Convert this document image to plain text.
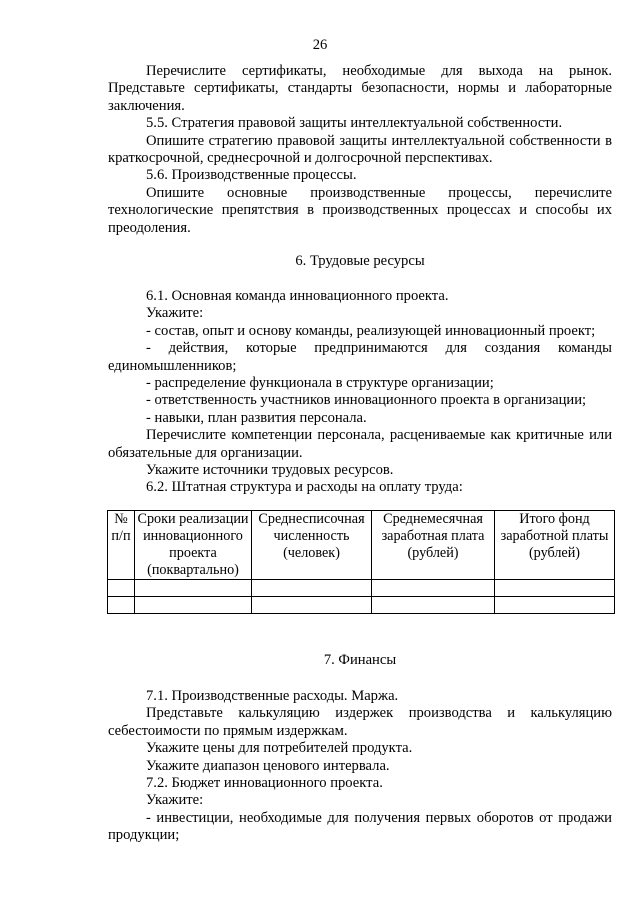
26

Перечислите сертификаты, необходимые для выхода на рынок. Представьте сертификаты, стандарты безопасности, нормы и лабораторные заключения.

5.5. Стратегия правовой защиты интеллектуальной собственности.

Опишите стратегию правовой защиты интеллектуальной собственности в краткосрочной, среднесрочной и долгосрочной перспективах.

5.6. Производственные процессы.

Опишите основные производственные процессы, перечислите технологические препятствия в производственных процессах и способы их преодоления.

6. Трудовые ресурсы

6.1. Основная команда инновационного проекта.

Укажите:

- состав, опыт и основу команды, реализующей инновационный проект;

- действия, которые предпринимаются для создания команды единомышленников;

- распределение функционала в структуре организации;

- ответственность участников инновационного проекта в организации;

- навыки, план развития персонала.

Перечислите компетенции персонала, расцениваемые как критичные или обязательные для организации.

Укажите источники трудовых ресурсов.

6.2. Штатная структура и расходы на оплату труда:

№ п/п	Сроки реализации инновационного проекта (поквартально)	Среднесписочная численность (человек)	Среднемесячная заработная плата (рублей)	Итого фонд заработной платы (рублей)

7. Финансы

7.1. Производственные расходы. Маржа.

Представьте калькуляцию издержек производства и калькуляцию себестоимости по прямым издержкам.

Укажите цены для потребителей продукта.

Укажите диапазон ценового интервала.

7.2. Бюджет инновационного проекта.

Укажите:

- инвестиции, необходимые для получения первых оборотов от продажи продукции;
